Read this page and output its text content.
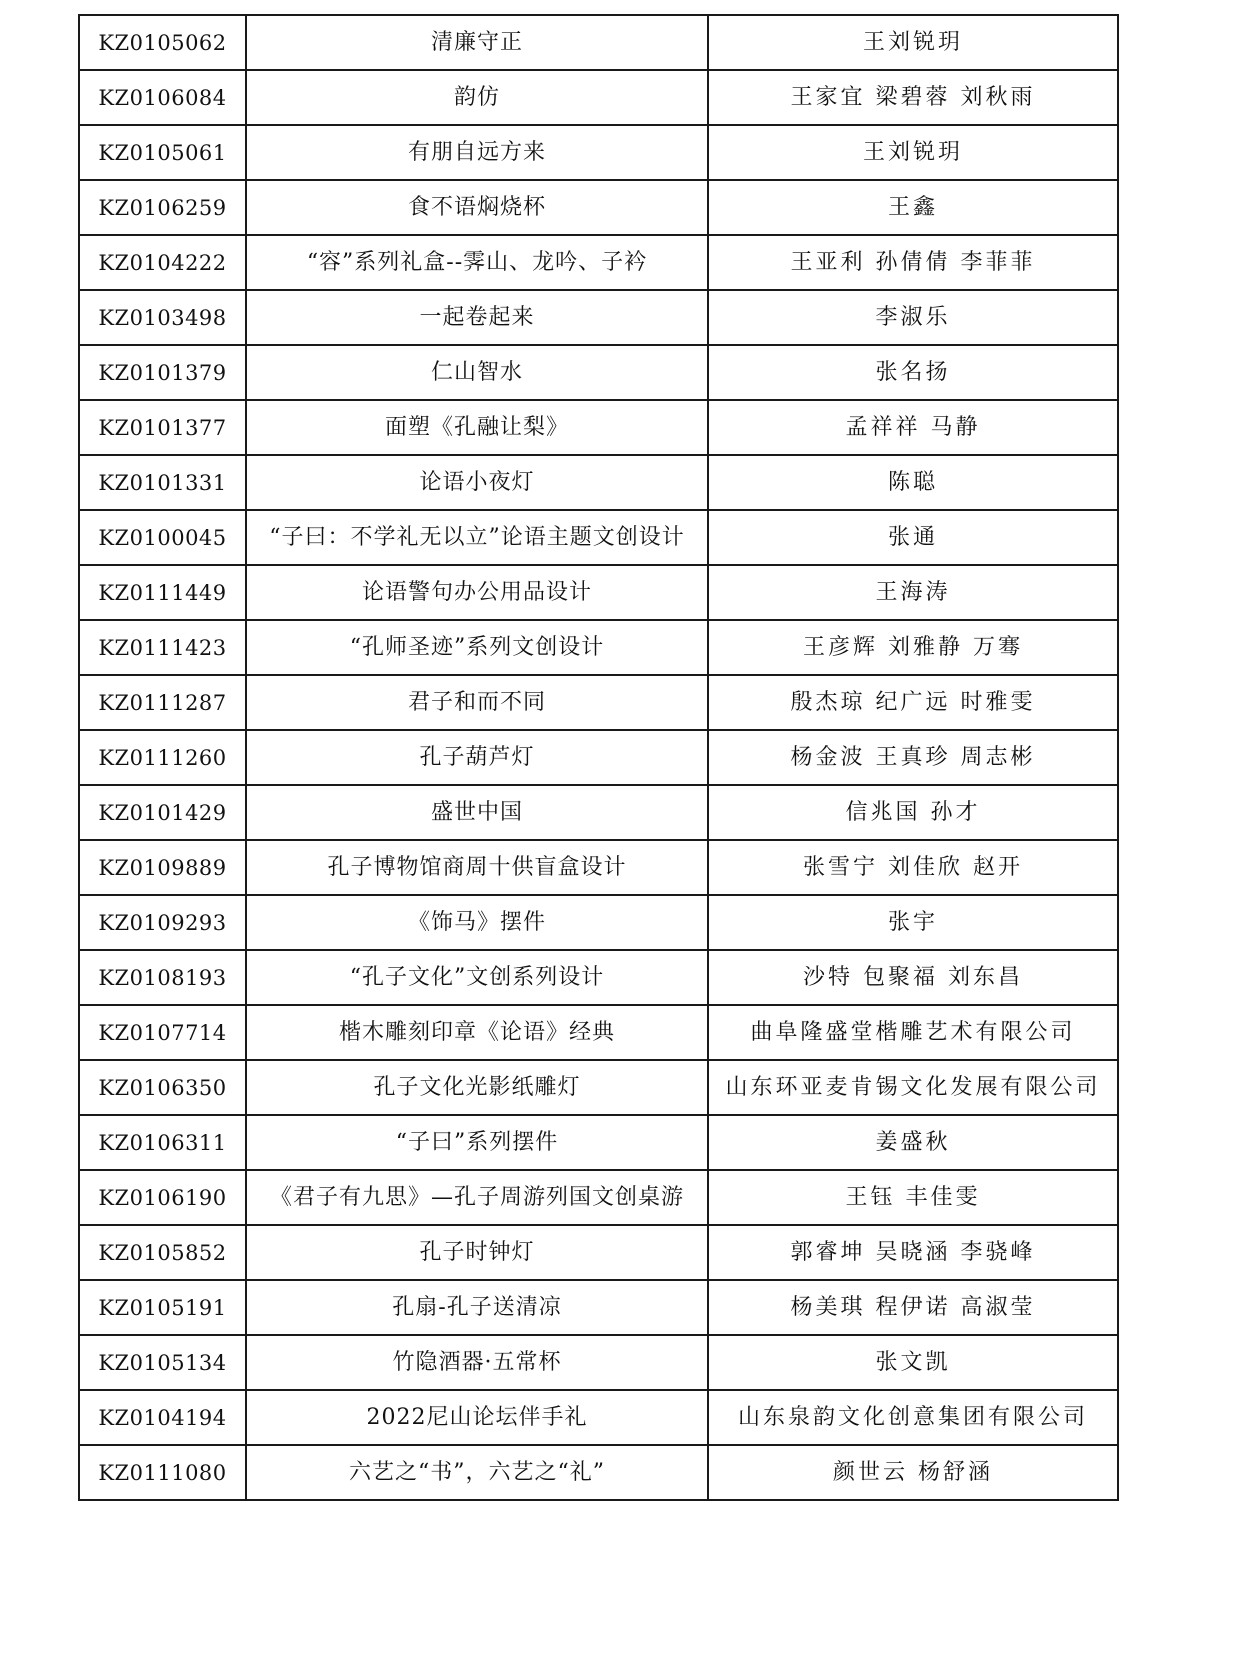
KZ0105062	清廉守正	王刘锐玥
KZ0106084	韵仿	王家宜 梁碧蓉 刘秋雨
KZ0105061	有朋自远方来	王刘锐玥
KZ0106259	食不语焖烧杯	王鑫
KZ0104222	“容”系列礼盒--霁山、龙吟、子衿	王亚利 孙倩倩 李菲菲
KZ0103498	一起卷起来	李淑乐
KZ0101379	仁山智水	张名扬
KZ0101377	面塑《孔融让梨》	孟祥祥 马静
KZ0101331	论语小夜灯	陈聪
KZ0100045	“子曰：不学礼无以立”论语主题文创设计	张通
KZ0111449	论语警句办公用品设计	王海涛
KZ0111423	“孔师圣迹”系列文创设计	王彦辉 刘雅静 万骞
KZ0111287	君子和而不同	殷杰琼 纪广远 时雅雯
KZ0111260	孔子葫芦灯	杨金波 王真珍 周志彬
KZ0101429	盛世中国	信兆国 孙才
KZ0109889	孔子博物馆商周十供盲盒设计	张雪宁 刘佳欣 赵开
KZ0109293	《饰马》摆件	张宇
KZ0108193	“孔子文化”文创系列设计	沙特 包聚福 刘东昌
KZ0107714	楷木雕刻印章《论语》经典	曲阜隆盛堂楷雕艺术有限公司
KZ0106350	孔子文化光影纸雕灯	山东环亚麦肯锡文化发展有限公司
KZ0106311	“子曰”系列摆件	姜盛秋
KZ0106190	《君子有九思》—孔子周游列国文创桌游	王钰 丰佳雯
KZ0105852	孔子时钟灯	郭睿坤 吴晓涵 李骁峰
KZ0105191	孔扇-孔子送清凉	杨美琪 程伊诺 高淑莹
KZ0105134	竹隐酒器·五常杯	张文凯
KZ0104194	2022尼山论坛伴手礼	山东泉韵文化创意集团有限公司
KZ0111080	六艺之“书”，六艺之“礼”	颜世云 杨舒涵
